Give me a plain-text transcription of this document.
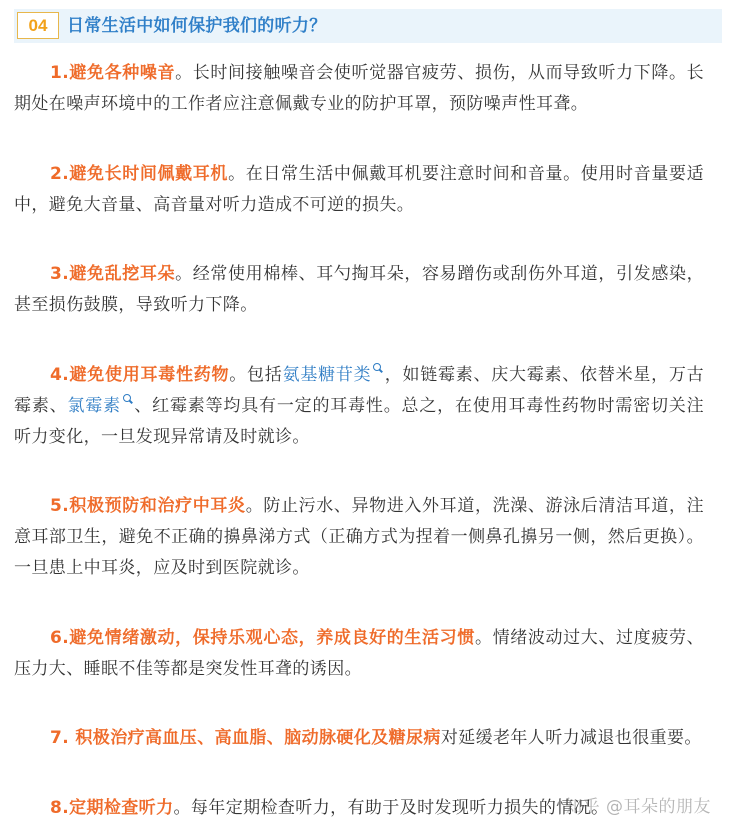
04	日常生活中如何保护我们的听力？

1.避免各种噪音。长时间接触噪音会使听觉器官疲劳、损伤，从而导致听力下降。长期处在噪声环境中的工作者应注意佩戴专业的防护耳罩，预防噪声性耳聋。

2.避免长时间佩戴耳机。在日常生活中佩戴耳机要注意时间和音量。使用时音量要适中，避免大音量、高音量对听力造成不可逆的损失。

3.避免乱挖耳朵。经常使用棉棒、耳勺掏耳朵，容易蹭伤或刮伤外耳道，引发感染，甚至损伤鼓膜，导致听力下降。

4.避免使用耳毒性药物。包括氨基糖苷类 ，如链霉素、庆大霉素、依替米星，万古霉素、氯霉素 、红霉素等均具有一定的耳毒性。总之，在使用耳毒性药物时需密切关注听力变化，一旦发现异常请及时就诊。

5.积极预防和治疗中耳炎。防止污水、异物进入外耳道，洗澡、游泳后清洁耳道，注意耳部卫生，避免不正确的擤鼻涕方式（正确方式为捏着一侧鼻孔擤另一侧，然后更换）。一旦患上中耳炎，应及时到医院就诊。

6.避免情绪激动，保持乐观心态，养成良好的生活习惯。情绪波动过大、过度疲劳、压力大、睡眠不佳等都是突发性耳聋的诱因。

7. 积极治疗高血压、高血脂、脑动脉硬化及糖尿病对延缓老年人听力减退也很重要。

8.定期检查听力。每年定期检查听力，有助于及时发现听力损失的情况。

知乎 @耳朵的朋友
